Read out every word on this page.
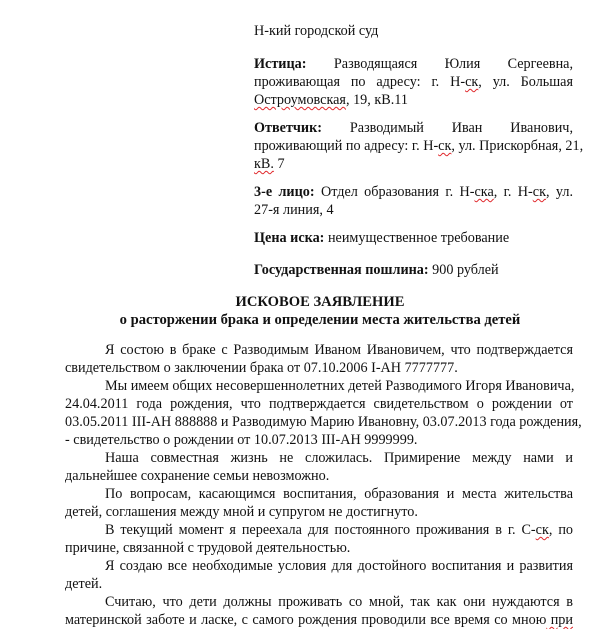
Н-кий городской суд
Истица: Разводящаяся Юлия Сергеевна,
проживающая по адресу: г. Н-ск, ул. Большая
Остроумовская, 19, кВ.11
Ответчик: Разводимый Иван Иванович,
проживающий по адресу: г. Н-ск, ул. Прискорбная, 21,
кВ. 7
3-е лицо: Отдел образования г. Н-ска, г. Н-ск, ул.
27-я линия, 4
Цена иска: неимущественное требование
Государственная пошлина: 900 рублей
ИСКОВОЕ ЗАЯВЛЕНИЕ
о расторжении брака и определении места жительства детей
Я состою в браке с Разводимым Иваном Ивановичем, что подтверждается
свидетельством о заключении брака от 07.10.2006 I-АН 7777777.
Мы имеем общих несовершеннолетних детей Разводимого Игоря Ивановича,
24.04.2011 года рождения, что подтверждается свидетельством о рождении от
03.05.2011 III-АН 888888 и Разводимую Марию Ивановну, 03.07.2013 года рождения,
- свидетельство о рождении от 10.07.2013 III-АН 9999999.
Наша совместная жизнь не сложилась. Примирение между нами и
дальнейшее сохранение семьи невозможно.
По вопросам, касающимся воспитания, образования и места жительства
детей, соглашения между мной и супругом не достигнуто.
В текущий момент я переехала для постоянного проживания в г. С-ск, по
причине, связанной с трудовой деятельностью.
Я создаю все необходимые условия для достойного воспитания и развития
детей.
Считаю, что дети должны проживать со мной, так как они нуждаются в
материнской заботе и ласке, с самого рождения проводили все время со мною при
